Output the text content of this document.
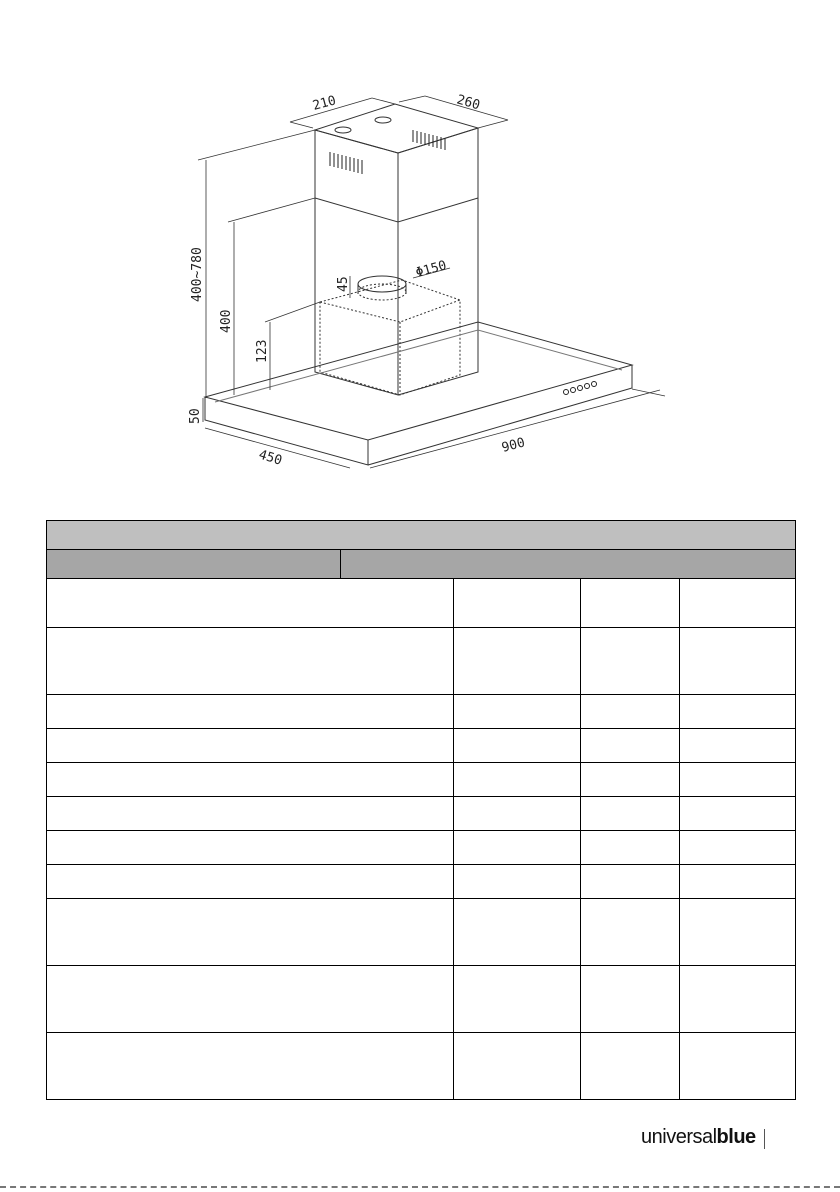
210	260
400~780
400
45
Φ150
123
50
450
900

universal blue
